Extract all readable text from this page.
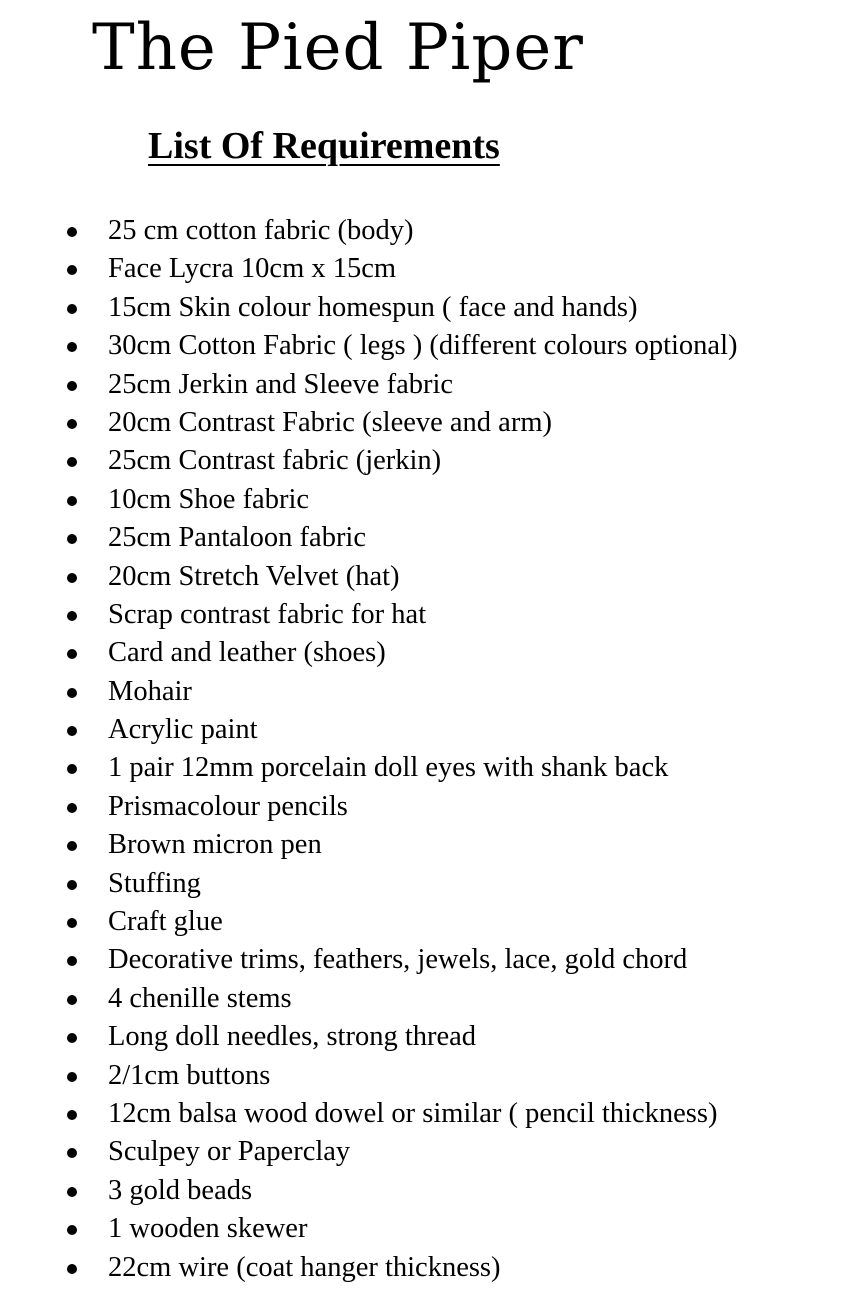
The Pied Piper
List Of Requirements
25 cm cotton fabric (body)
Face Lycra 10cm x 15cm
15cm Skin colour homespun ( face and hands)
30cm Cotton Fabric ( legs ) (different colours optional)
25cm Jerkin and Sleeve fabric
20cm Contrast Fabric (sleeve and arm)
25cm Contrast fabric (jerkin)
10cm Shoe fabric
25cm Pantaloon fabric
20cm Stretch Velvet (hat)
Scrap contrast fabric for hat
Card and leather (shoes)
Mohair
Acrylic paint
1 pair 12mm porcelain doll eyes with shank back
Prismacolour pencils
Brown micron pen
Stuffing
Craft glue
Decorative trims, feathers, jewels, lace, gold chord
4 chenille stems
Long doll needles, strong thread
2/1cm buttons
12cm balsa wood dowel or similar ( pencil thickness)
Sculpey or Paperclay
3 gold beads
1 wooden skewer
22cm wire (coat hanger thickness)
